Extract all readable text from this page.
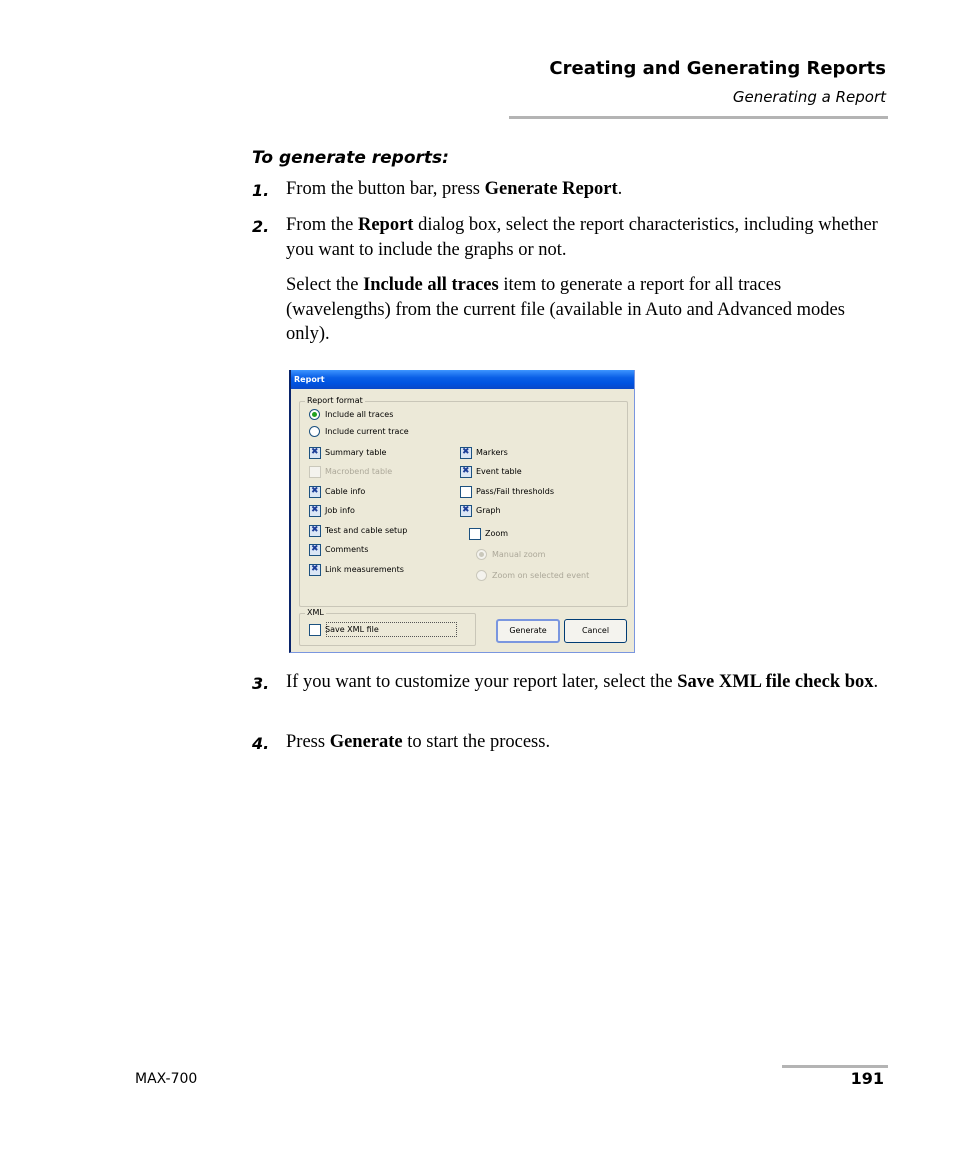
Creating and Generating Reports
Generating a Report
To generate reports:
1. From the button bar, press Generate Report.
2. From the Report dialog box, select the report characteristics, including whether you want to include the graphs or not.
Select the Include all traces item to generate a report for all traces (wavelengths) from the current file (available in Auto and Advanced modes only).
Report
Report format
Include all traces
Include current trace
✖
Summary table
Macrobend table
✖
Cable info
✖
Job info
✖
Test and cable setup
✖
Comments
✖
Link measurements
✖
Markers
✖
Event table
Pass/Fail thresholds
✖
Graph
Zoom
Manual zoom
Zoom on selected event
XML
Save XML file	Generate	Cancel
3. If you want to customize your report later, select the Save XML file check box.
4. Press Generate to start the process.
MAX-700	191
